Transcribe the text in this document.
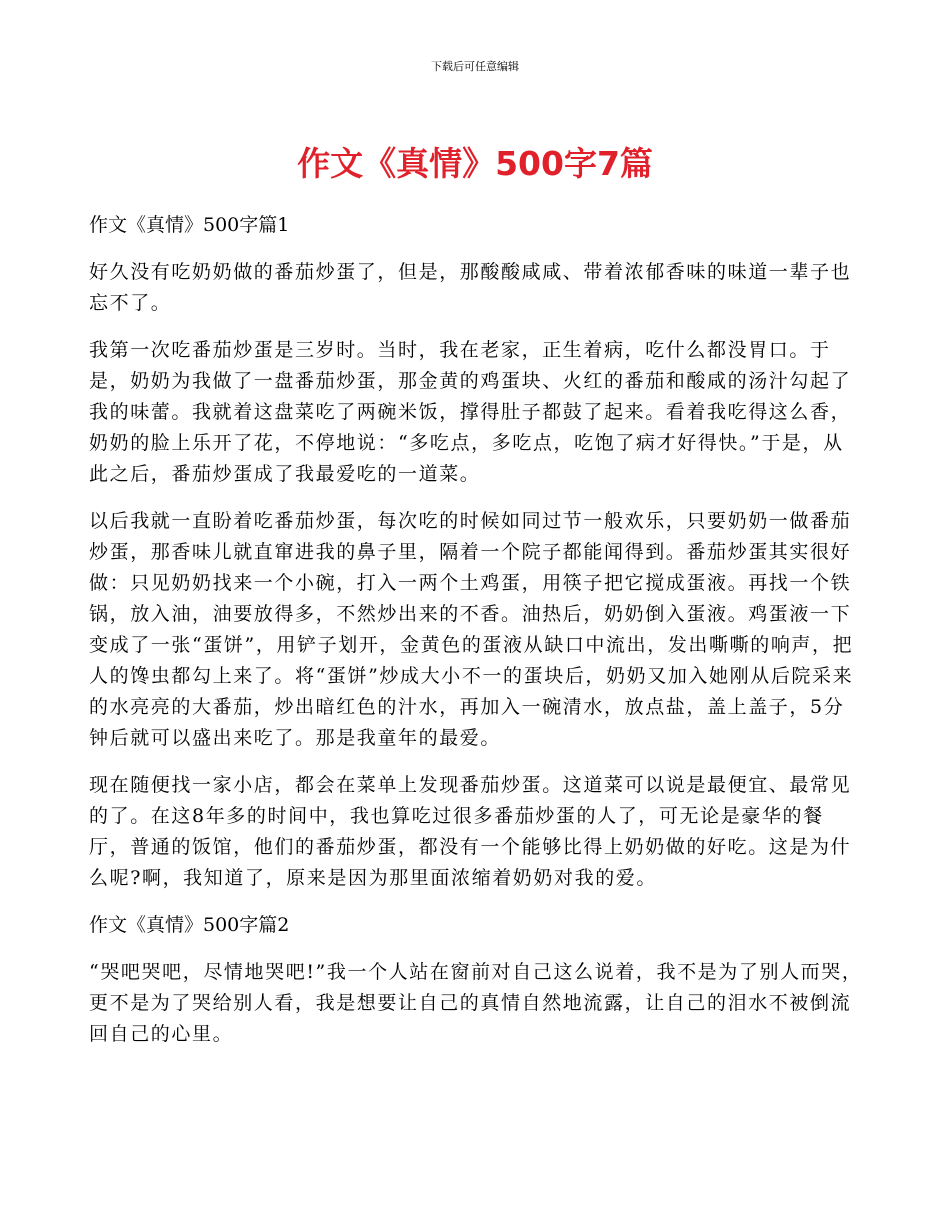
下载后可任意编辑
作文《真情》500字7篇

作文《真情》500字篇1

好久没有吃奶奶做的番茄炒蛋了，但是，那酸酸咸咸、带着浓郁香味的味道一辈子也忘不了。

我第一次吃番茄炒蛋是三岁时。当时，我在老家，正生着病，吃什么都没胃口。于是，奶奶为我做了一盘番茄炒蛋，那金黄的鸡蛋块、火红的番茄和酸咸的汤汁勾起了我的味蕾。我就着这盘菜吃了两碗米饭，撑得肚子都鼓了起来。看着我吃得这么香，奶奶的脸上乐开了花，不停地说：“多吃点，多吃点，吃饱了病才好得快。”于是，从此之后，番茄炒蛋成了我最爱吃的一道菜。

以后我就一直盼着吃番茄炒蛋，每次吃的时候如同过节一般欢乐，只要奶奶一做番茄炒蛋，那香味儿就直窜进我的鼻子里，隔着一个院子都能闻得到。番茄炒蛋其实很好做：只见奶奶找来一个小碗，打入一两个土鸡蛋，用筷子把它搅成蛋液。再找一个铁锅，放入油，油要放得多，不然炒出来的不香。油热后，奶奶倒入蛋液。鸡蛋液一下变成了一张“蛋饼”，用铲子划开，金黄色的蛋液从缺口中流出，发出嘶嘶的响声，把人的馋虫都勾上来了。将“蛋饼”炒成大小不一的蛋块后，奶奶又加入她刚从后院采来的水亮亮的大番茄，炒出暗红色的汁水，再加入一碗清水，放点盐，盖上盖子，5分钟后就可以盛出来吃了。那是我童年的最爱。

现在随便找一家小店，都会在菜单上发现番茄炒蛋。这道菜可以说是最便宜、最常见的了。在这8年多的时间中，我也算吃过很多番茄炒蛋的人了，可无论是豪华的餐厅，普通的饭馆，他们的番茄炒蛋，都没有一个能够比得上奶奶做的好吃。这是为什么呢?啊，我知道了，原来是因为那里面浓缩着奶奶对我的爱。

作文《真情》500字篇2

“哭吧哭吧，尽情地哭吧!”我一个人站在窗前对自己这么说着，我不是为了别人而哭，更不是为了哭给别人看，我是想要让自己的真情自然地流露，让自己的泪水不被倒流回自己的心里。
